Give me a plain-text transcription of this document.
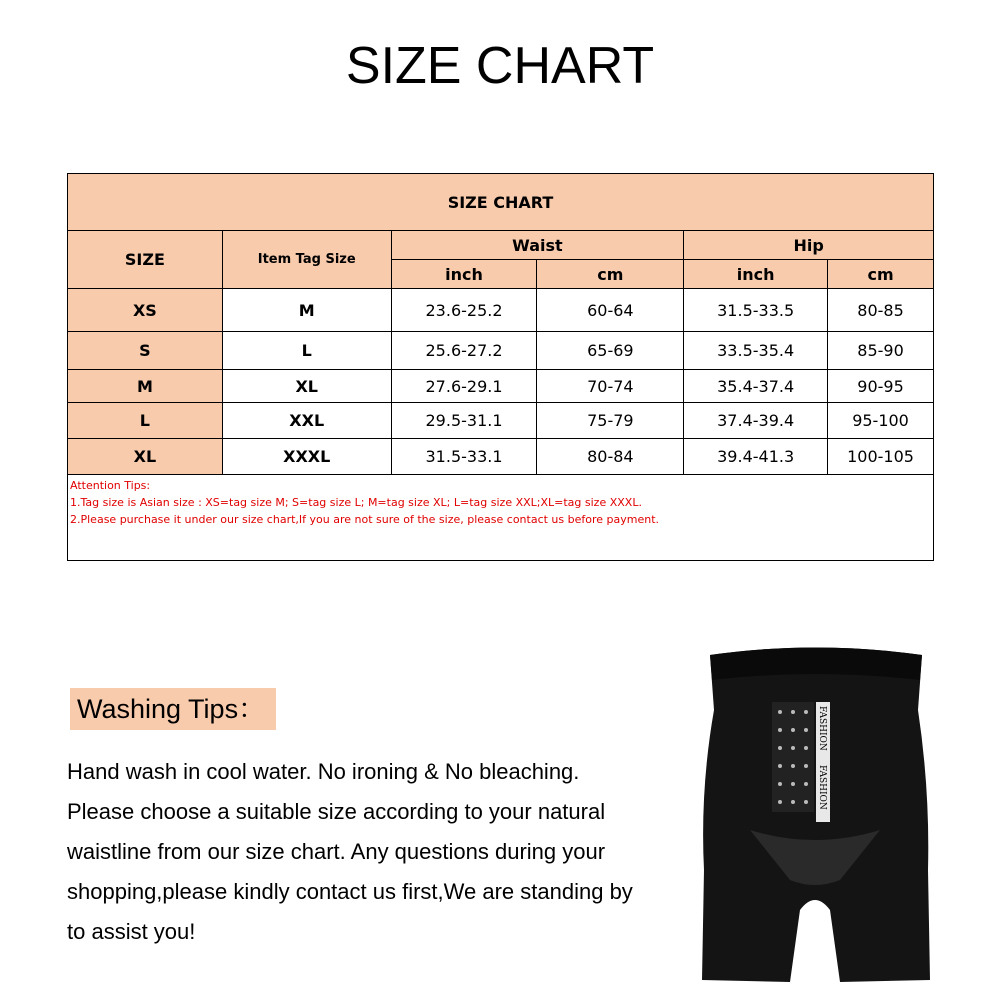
SIZE CHART
SIZE CHART					
SIZE	Item Tag Size	Waist		Hip	
		inch	cm	inch	cm
XS	M	23.6-25.2	60-64	31.5-33.5	80-85
S	L	25.6-27.2	65-69	33.5-35.4	85-90
M	XL	27.6-29.1	70-74	35.4-37.4	90-95
L	XXL	29.5-31.1	75-79	37.4-39.4	95-100
XL	XXXL	31.5-33.1	80-84	39.4-41.3	100-105

Attention Tips:
1.Tag size is Asian size : XS=tag size M; S=tag size L; M=tag size XL; L=tag size XXL;XL=tag size XXXL.
2.Please purchase it under our size chart,If you are not sure of the size, please contact us before payment.					
Washing Tips：
Hand wash in cool water. No ironing & No bleaching. Please choose a suitable size according to your natural waistline from our size chart. Any questions during your shopping,please kindly contact us first,We are standing by to assist you!
FASHION
FASHION
